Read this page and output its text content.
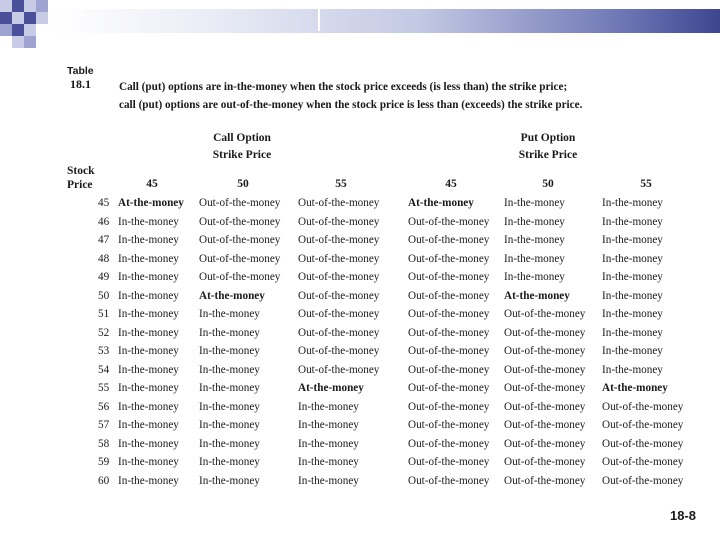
Table
18.1	Call (put) options are in-the-money when the stock price exceeds (is less than) the strike price;
call (put) options are out-of-the-money when the stock price is less than (exceeds) the strike price.
Call Option
Strike Price
Put Option
Strike Price
Stock
Price	45	50	55	45	50	55
45	At-the-money	Out-of-the-money	Out-of-the-money	At-the-money	In-the-money	In-the-money
46	In-the-money	Out-of-the-money	Out-of-the-money	Out-of-the-money	In-the-money	In-the-money
47	In-the-money	Out-of-the-money	Out-of-the-money	Out-of-the-money	In-the-money	In-the-money
48	In-the-money	Out-of-the-money	Out-of-the-money	Out-of-the-money	In-the-money	In-the-money
49	In-the-money	Out-of-the-money	Out-of-the-money	Out-of-the-money	In-the-money	In-the-money
50	In-the-money	At-the-money	Out-of-the-money	Out-of-the-money	At-the-money	In-the-money
51	In-the-money	In-the-money	Out-of-the-money	Out-of-the-money	Out-of-the-money	In-the-money
52	In-the-money	In-the-money	Out-of-the-money	Out-of-the-money	Out-of-the-money	In-the-money
53	In-the-money	In-the-money	Out-of-the-money	Out-of-the-money	Out-of-the-money	In-the-money
54	In-the-money	In-the-money	Out-of-the-money	Out-of-the-money	Out-of-the-money	In-the-money
55	In-the-money	In-the-money	At-the-money	Out-of-the-money	Out-of-the-money	At-the-money
56	In-the-money	In-the-money	In-the-money	Out-of-the-money	Out-of-the-money	Out-of-the-money
57	In-the-money	In-the-money	In-the-money	Out-of-the-money	Out-of-the-money	Out-of-the-money
58	In-the-money	In-the-money	In-the-money	Out-of-the-money	Out-of-the-money	Out-of-the-money
59	In-the-money	In-the-money	In-the-money	Out-of-the-money	Out-of-the-money	Out-of-the-money
60	In-the-money	In-the-money	In-the-money	Out-of-the-money	Out-of-the-money	Out-of-the-money
18-8
